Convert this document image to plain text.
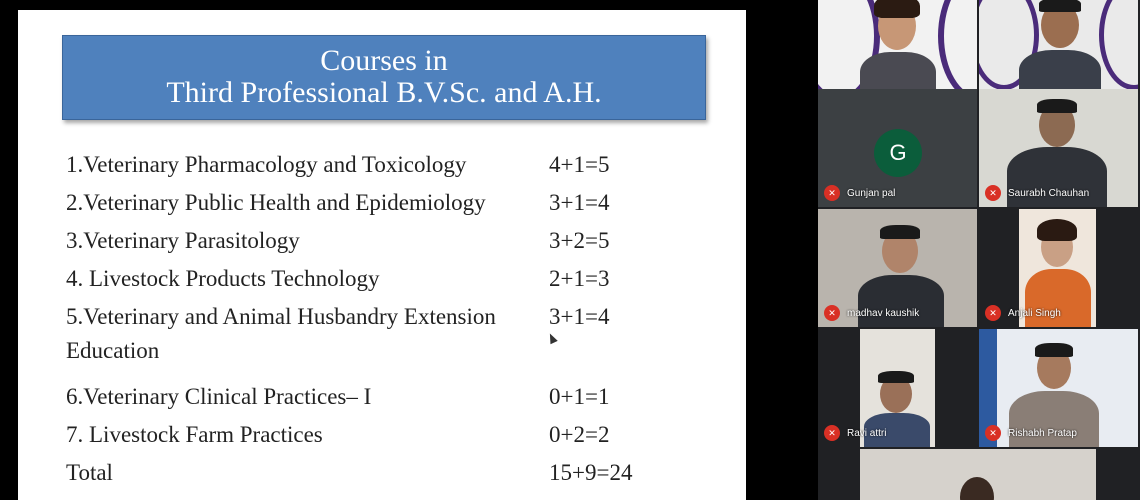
Courses in
Third Professional B.V.Sc. and A.H.
1.Veterinary Pharmacology and Toxicology	4+1=5
2.Veterinary Public Health and Epidemiology	3+1=4
3.Veterinary Parasitology	3+2=5
4. Livestock Products Technology	2+1=3
5.Veterinary and Animal Husbandry Extension	3+1=4
Education
6.Veterinary Clinical Practices– I	0+1=1
7. Livestock Farm Practices	0+2=2
Total	15+9=24
G
✕	Gunjan pal	✕	Saurabh Chauhan
✕	madhav kaushik	✕	Anjali Singh
✕	Ravi attri	✕	Rishabh Pratap
